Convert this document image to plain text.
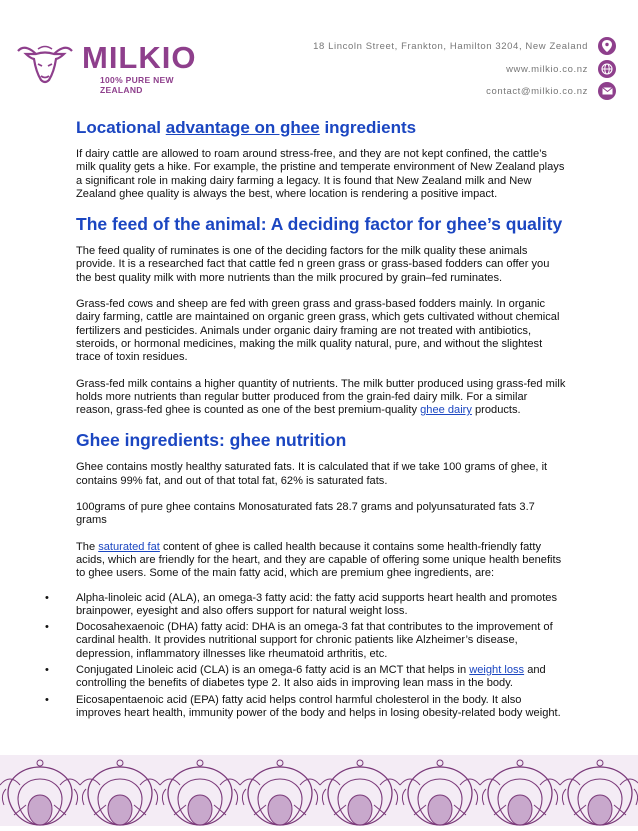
MILKIO
100% PURE NEW ZEALAND
18 Lincoln Street, Frankton, Hamilton 3204, New Zealand
www.milkio.co.nz
contact@milkio.co.nz
Locational advantage on ghee ingredients

If dairy cattle are allowed to roam around stress-free, and they are not kept confined, the cattle’s milk quality gets a hike. For example, the pristine and temperate environment of New Zealand plays a significant role in making dairy farming a legacy. It is found that New Zealand milk and New Zealand ghee quality is always the best, where location is rendering a positive impact.

The feed of the animal: A deciding factor for ghee’s quality

The feed quality of ruminates is one of the deciding factors for the milk quality these animals provide. It is a researched fact that cattle fed n green grass or grass-based fodders can offer you the best quality milk with more nutrients than the milk procured by grain–fed ruminates.

Grass-fed cows and sheep are fed with green grass and grass-based fodders mainly. In organic dairy farming, cattle are maintained on organic green grass, which gets cultivated without chemical fertilizers and pesticides. Animals under organic dairy framing are not treated with antibiotics, steroids, or hormonal medicines, making the milk quality natural, pure, and without the slightest trace of toxin residues.

Grass-fed milk contains a higher quantity of nutrients. The milk butter produced using grass-fed milk holds more nutrients than regular butter produced from the grain-fed dairy milk. For a similar reason, grass-fed ghee is counted as one of the best premium-quality ghee dairy products.

Ghee ingredients: ghee nutrition

Ghee contains mostly healthy saturated fats. It is calculated that if we take 100 grams of ghee, it contains 99% fat, and out of that total fat, 62% is saturated fats.

100grams of pure ghee contains Monosaturated fats 28.7 grams and polyunsaturated fats 3.7 grams

The saturated fat content of ghee is called health because it contains some health-friendly fatty acids, which are friendly for the heart, and they are capable of offering some unique health benefits to ghee users. Some of the main fatty acid, which are premium ghee ingredients, are:

• Alpha-linoleic acid (ALA), an omega-3 fatty acid: the fatty acid supports heart health and promotes brainpower, eyesight and also offers support for natural weight loss.
• Docosahexaenoic (DHA) fatty acid: DHA is an omega-3 fat that contributes to the improvement of cardinal health. It provides nutritional support for chronic patients like Alzheimer’s disease, depression, inflammatory illnesses like rheumatoid arthritis, etc.
• Conjugated Linoleic acid (CLA) is an omega-6 fatty acid is an MCT that helps in weight loss and controlling the benefits of diabetes type 2. It also aids in improving lean mass in the body.
• Eicosapentaenoic acid (EPA) fatty acid helps control harmful cholesterol in the body. It also improves heart health, immunity power of the body and helps in losing obesity-related body weight.
